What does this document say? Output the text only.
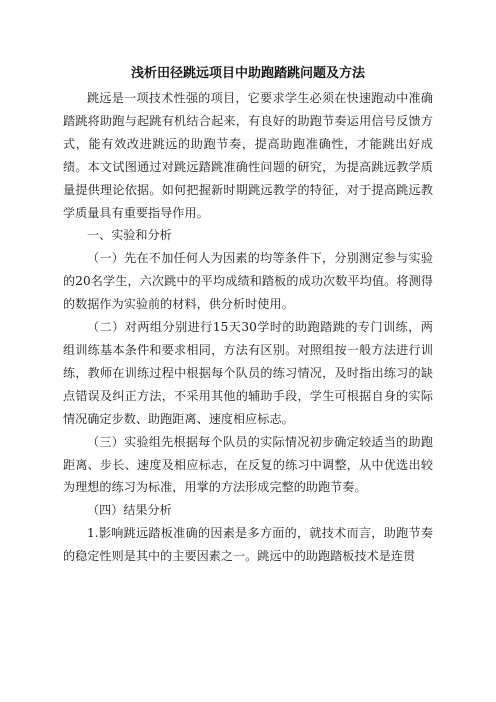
浅析田径跳远项目中助跑踏跳问题及方法

跳远是一项技术性强的项目，它要求学生必须在快速跑动中准确踏跳将助跑与起跳有机结合起来，有良好的助跑节奏运用信号反馈方式，能有效改进跳远的助跑节奏，提高助跑准确性，才能跳出好成绩。本文试图通过对跳远踏跳准确性问题的研究，为提高跳远教学质量提供理论依据。如何把握新时期跳远教学的特征，对于提高跳远教学质量具有重要指导作用。

一、实验和分析

（一）先在不加任何人为因素的均等条件下，分别测定参与实验的20名学生，六次跳中的平均成绩和踏板的成功次数平均值。将测得的数据作为实验前的材料，供分析时使用。

（二）对两组分别进行15天30学时的助跑踏跳的专门训练，两组训练基本条件和要求相同，方法有区别。对照组按一般方法进行训练，教师在训练过程中根据每个队员的练习情况，及时指出练习的缺点错误及纠正方法，不采用其他的辅助手段，学生可根据自身的实际情况确定步数、助跑距离、速度相应标志。

（三）实验组先根据每个队员的实际情况初步确定较适当的助跑距离、步长、速度及相应标志，在反复的练习中调整，从中优选出较为理想的练习为标准，用掌的方法形成完整的助跑节奏。

（四）结果分析

1.影响跳远踏板准确的因素是多方面的，就技术而言，助跑节奏的稳定性则是其中的主要因素之一。跳远中的助跑踏板技术是连贯
